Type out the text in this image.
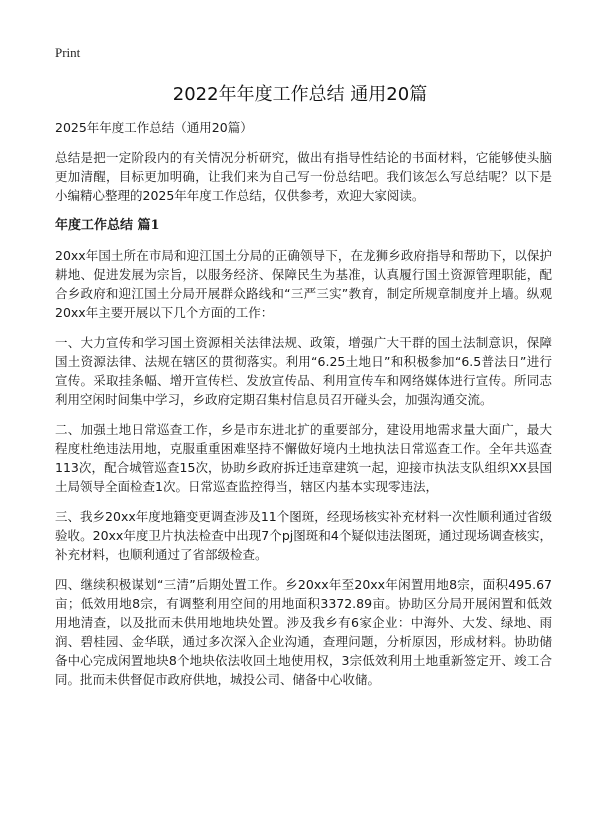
Print
2022年年度工作总结 通用20篇

2025年年度工作总结（通用20篇）

总结是把一定阶段内的有关情况分析研究，做出有指导性结论的书面材料，它能够使头脑更加清醒，目标更加明确，让我们来为自己写一份总结吧。我们该怎么写总结呢？以下是小编精心整理的2025年年度工作总结，仅供参考，欢迎大家阅读。

年度工作总结 篇1

20xx年国土所在市局和迎江国土分局的正确领导下，在龙狮乡政府指导和帮助下，以保护耕地、促进发展为宗旨，以服务经济、保障民生为基准，认真履行国土资源管理职能，配合乡政府和迎江国土分局开展群众路线和“三严三实”教育，制定所规章制度并上墙。纵观20xx年主要开展以下几个方面的工作：

一、大力宣传和学习国土资源相关法律法规、政策，增强广大干群的国土法制意识，保障国土资源法律、法规在辖区的贯彻落实。利用“6.25土地日”和积极参加“6.5普法日”进行宣传。采取挂条幅、增开宣传栏、发放宣传品、利用宣传车和网络媒体进行宣传。所同志利用空闲时间集中学习，乡政府定期召集村信息员召开碰头会，加强沟通交流。

二、加强土地日常巡查工作，乡是市东进北扩的重要部分，建设用地需求量大面广，最大程度杜绝违法用地，克服重重困难坚持不懈做好境内土地执法日常巡查工作。全年共巡查113次，配合城管巡查15次，协助乡政府拆迁违章建筑一起，迎接市执法支队组织XX县国土局领导全面检查1次。日常巡查监控得当，辖区内基本实现零违法，

三、我乡20xx年度地籍变更调查涉及11个图斑，经现场核实补充材料一次性顺利通过省级验收。20xx年度卫片执法检查中出现7个pj图斑和4个疑似违法图斑，通过现场调查核实，补充材料，也顺利通过了省部级检查。

四、继续积极谋划“三清”后期处置工作。乡20xx年至20xx年闲置用地8宗，面积495.67亩；低效用地8宗，有调整利用空间的用地面积3372.89亩。协助区分局开展闲置和低效用地清查，以及批而未供用地地块处置。涉及我乡有6家企业：中海外、大发、绿地、雨润、碧桂园、金华联，通过多次深入企业沟通，查理问题，分析原因，形成材料。协助储备中心完成闲置地块8个地块依法收回土地使用权，3宗低效利用土地重新签定开、竣工合同。批而未供督促市政府供地，城投公司、储备中心收储。
